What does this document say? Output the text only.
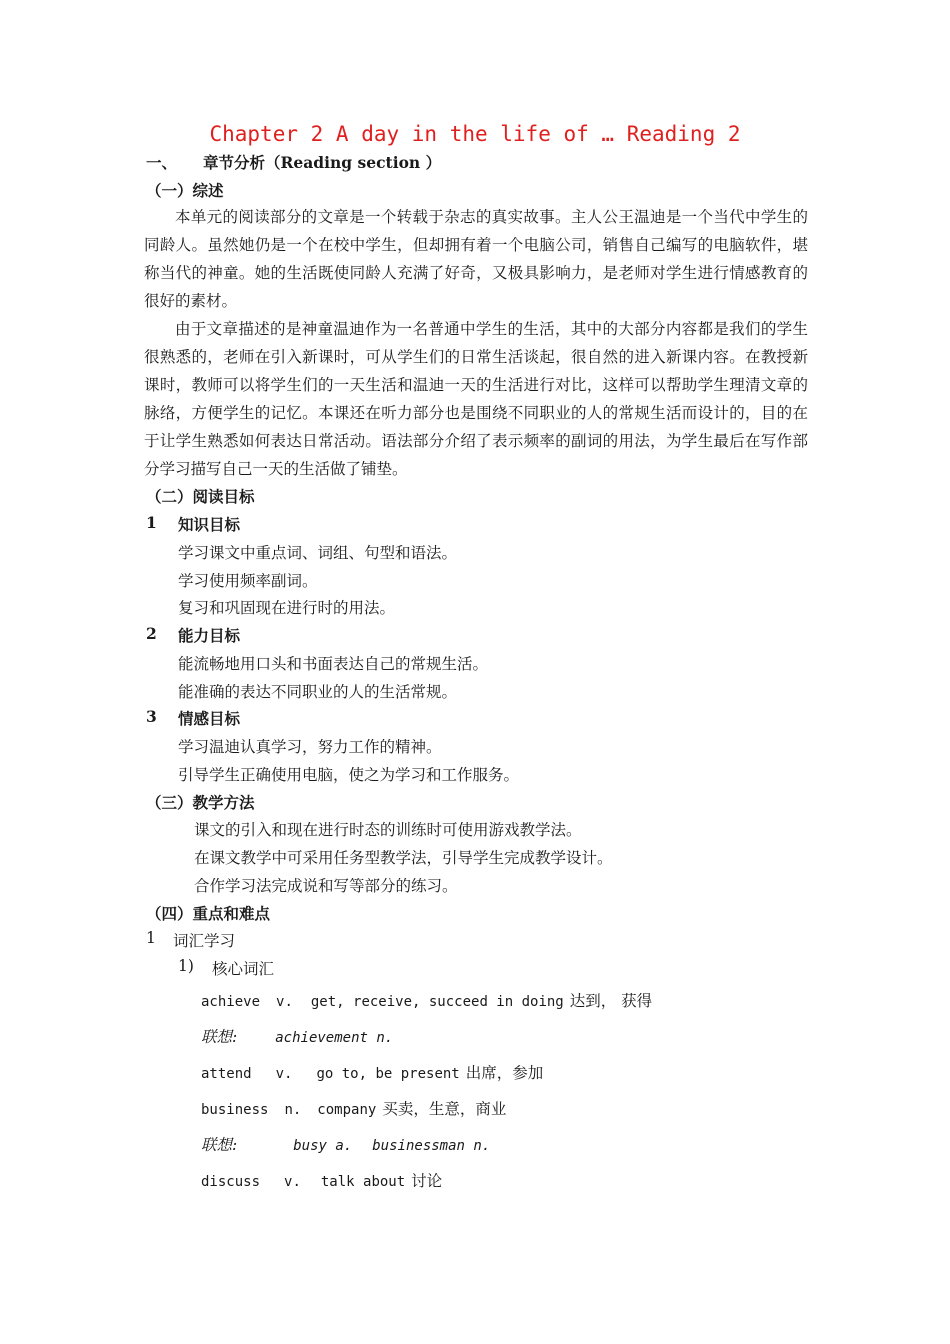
Chapter 2 A day in the life of … Reading 2
一、 章节分析（Reading section ）
（一）综述
本单元的阅读部分的文章是一个转载于杂志的真实故事。主人公王温迪是一个当代中学生的同龄人。虽然她仍是一个在校中学生，但却拥有着一个电脑公司，销售自己编写的电脑软件，堪称当代的神童。她的生活既使同龄人充满了好奇，又极具影响力，是老师对学生进行情感教育的很好的素材。
由于文章描述的是神童温迪作为一名普通中学生的生活，其中的大部分内容都是我们的学生很熟悉的，老师在引入新课时，可从学生们的日常生活谈起，很自然的进入新课内容。在教授新课时，教师可以将学生们的一天生活和温迪一天的生活进行对比，这样可以帮助学生理清文章的脉络，方便学生的记忆。本课还在听力部分也是围绕不同职业的人的常规生活而设计的，目的在于让学生熟悉如何表达日常活动。语法部分介绍了表示频率的副词的用法，为学生最后在写作部分学习描写自己一天的生活做了铺垫。
（二）阅读目标
1 知识目标
学习课文中重点词、词组、句型和语法。
学习使用频率副词。
复习和巩固现在进行时的用法。
2 能力目标
能流畅地用口头和书面表达自己的常规生活。
能准确的表达不同职业的人的生活常规。
3 情感目标
学习温迪认真学习，努力工作的精神。
引导学生正确使用电脑，使之为学习和工作服务。
（三）教学方法
课文的引入和现在进行时态的训练时可使用游戏教学法。
在课文教学中可采用任务型教学法，引导学生完成教学设计。
合作学习法完成说和写等部分的练习。
（四）重点和难点
1 词汇学习
1) 核心词汇
achieve v. get, receive, succeed in doing 达到， 获得
联想:	achievement n.
attend v. go to, be present 出席，参加
business n. company 买卖，生意，商业
联想:	busy a. businessman n.
discuss v. talk about 讨论
